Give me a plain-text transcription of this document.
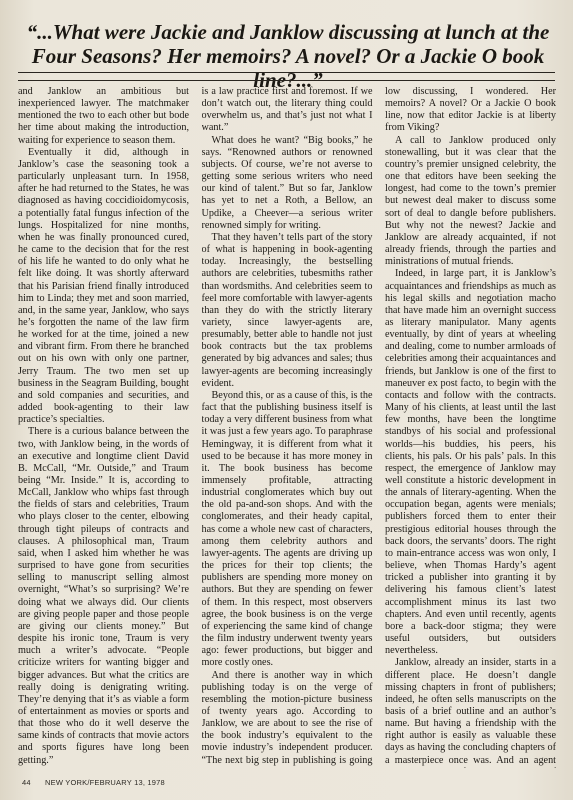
“...What were Jackie and Janklow discussing at lunch at the Four Seasons? Her memoirs? A novel? Or a Jackie O book line?...”

and Janklow an ambitious but inexperienced lawyer. The matchmaker mentioned the two to each other but bode her time about making the introduction, waiting for experience to season them.

Eventually it did, although in Janklow’s case the seasoning took a particularly unpleasant turn. In 1958, after he had returned to the States, he was diagnosed as having coccidioidomycosis, a potentially fatal fungus infection of the lungs. Hospitalized for nine months, when he was finally pronounced cured, he came to the decision that for the rest of his life he wanted to do only what he felt like doing. It was shortly afterward that his Parisian friend finally introduced him to Linda; they met and soon married, and, in the same year, Janklow, who says he’s forgotten the name of the law firm he worked for at the time, joined a new and vibrant firm. From there he branched out on his own with only one partner, Jerry Traum. The two men set up business in the Seagram Building, bought and sold companies and securities, and added book-agenting to their law practice’s specialties.

There is a curious balance between the two, with Janklow being, in the words of an executive and longtime client David B. McCall, “Mr. Outside,” and Traum being “Mr. Inside.” It is, according to McCall, Janklow who whips fast through the fields of stars and celebrities, Traum who plays closer to the center, elbowing through tight pileups of contracts and clauses. A philosophical man, Traum said, when I asked him whether he was surprised to have gone from securities selling to manuscript selling almost overnight, “What’s so surprising? We’re doing what we always did. Our clients are giving people paper and those people are giving our clients money.” But despite his ironic tone, Traum is very much a writer’s advocate. “People criticize writers for wanting bigger and bigger advances. But what the critics are really doing is denigrating writing. They’re denying that it’s as viable a form of entertainment as movies or sports and that those who do it well deserve the same kinds of contracts that movie actors and sports figures have long been getting.”

is a law practice first and foremost. If we don’t watch out, the literary thing could overwhelm us, and that’s just not what I want.”

What does he want? “Big books,” he says. “Renowned authors or renowned subjects. Of course, we’re not averse to getting some serious writers who need our kind of talent.” But so far, Janklow has yet to net a Roth, a Bellow, an Updike, a Cheever—a serious writer renowned simply for writing.

That they haven’t tells part of the story of what is happening in book-agenting today. Increasingly, the bestselling authors are celebrities, tubesmiths rather than wordsmiths. And celebrities seem to feel more comfortable with lawyer-agents than they do with the strictly literary variety, since lawyer-agents are, presumably, better able to handle not just book contracts but the tax problems generated by big advances and sales; thus lawyer-agents are becoming increasingly evident.

Beyond this, or as a cause of this, is the fact that the publishing business itself is today a very different business from what it was just a few years ago. To paraphrase Hemingway, it is different from what it used to be because it has more money in it. The book business has become immensely profitable, attracting industrial conglomerates which buy out the old pa-and-son shops. And with the conglomerates, and their heady capital, has come a whole new cast of characters, among them celebrity authors and lawyer-agents. The agents are driving up the prices for their top clients; the publishers are spending more money on authors. But they are spending on fewer of them. In this respect, most observers agree, the book business is on the verge of experiencing the same kind of change the film industry underwent twenty years ago: fewer productions, but bigger and more costly ones.

And there is another way in which publishing today is on the verge of resembling the motion-picture business of twenty years ago. According to Janklow, we are about to see the rise of the book industry’s equivalent to the movie industry’s independent producer. “The next big step in publishing is going

low discussing, I wondered. Her memoirs? A novel? Or a Jackie O book line, now that editor Jackie is at liberty from Viking?

A call to Janklow produced only stonewalling, but it was clear that the country’s premier unsigned celebrity, the one that editors have been seeking the longest, had come to the town’s premier but newest deal maker to discuss some sort of deal to dangle before publishers. But why not the newest? Jackie and Janklow are already acquainted, if not already friends, through the parties and ministrations of mutual friends.

Indeed, in large part, it is Janklow’s acquaintances and friendships as much as his legal skills and negotiation macho that have made him an overnight success as literary manipulator. Many agents eventually, by dint of years at wheeling and dealing, come to number armloads of celebrities among their acquaintances and friends, but Janklow is one of the first to maneuver ex post facto, to begin with the contacts and follow with the contracts. Many of his clients, at least until the last few months, have been the longtime standbys of his social and professional worlds—his buddies, his peers, his clients, his pals. Or his pals’ pals. In this respect, the emergence of Janklow may well constitute a historic development in the annals of literary-agenting. When the occupation began, agents were menials; publishers forced them to enter their prestigious editorial houses through the back doors, the servants’ doors. The right to main-entrance access was won only, I believe, when Thomas Hardy’s agent tricked a publisher into granting it by delivering his famous client’s latest accomplishment minus its last two chapters. And even until recently, agents bore a back-door stigma; they were useful outsiders, but outsiders nevertheless.

Janklow, already an insider, starts in a different place. He doesn’t dangle missing chapters in front of publishers; indeed, he often sells manuscripts on the basis of a brief outline and an author’s name. But having a friendship with the right author is easily as valuable these days as having the concluding chapters of a masterpiece once was. And an agent

44 NEW YORK/FEBRUARY 13, 1978
